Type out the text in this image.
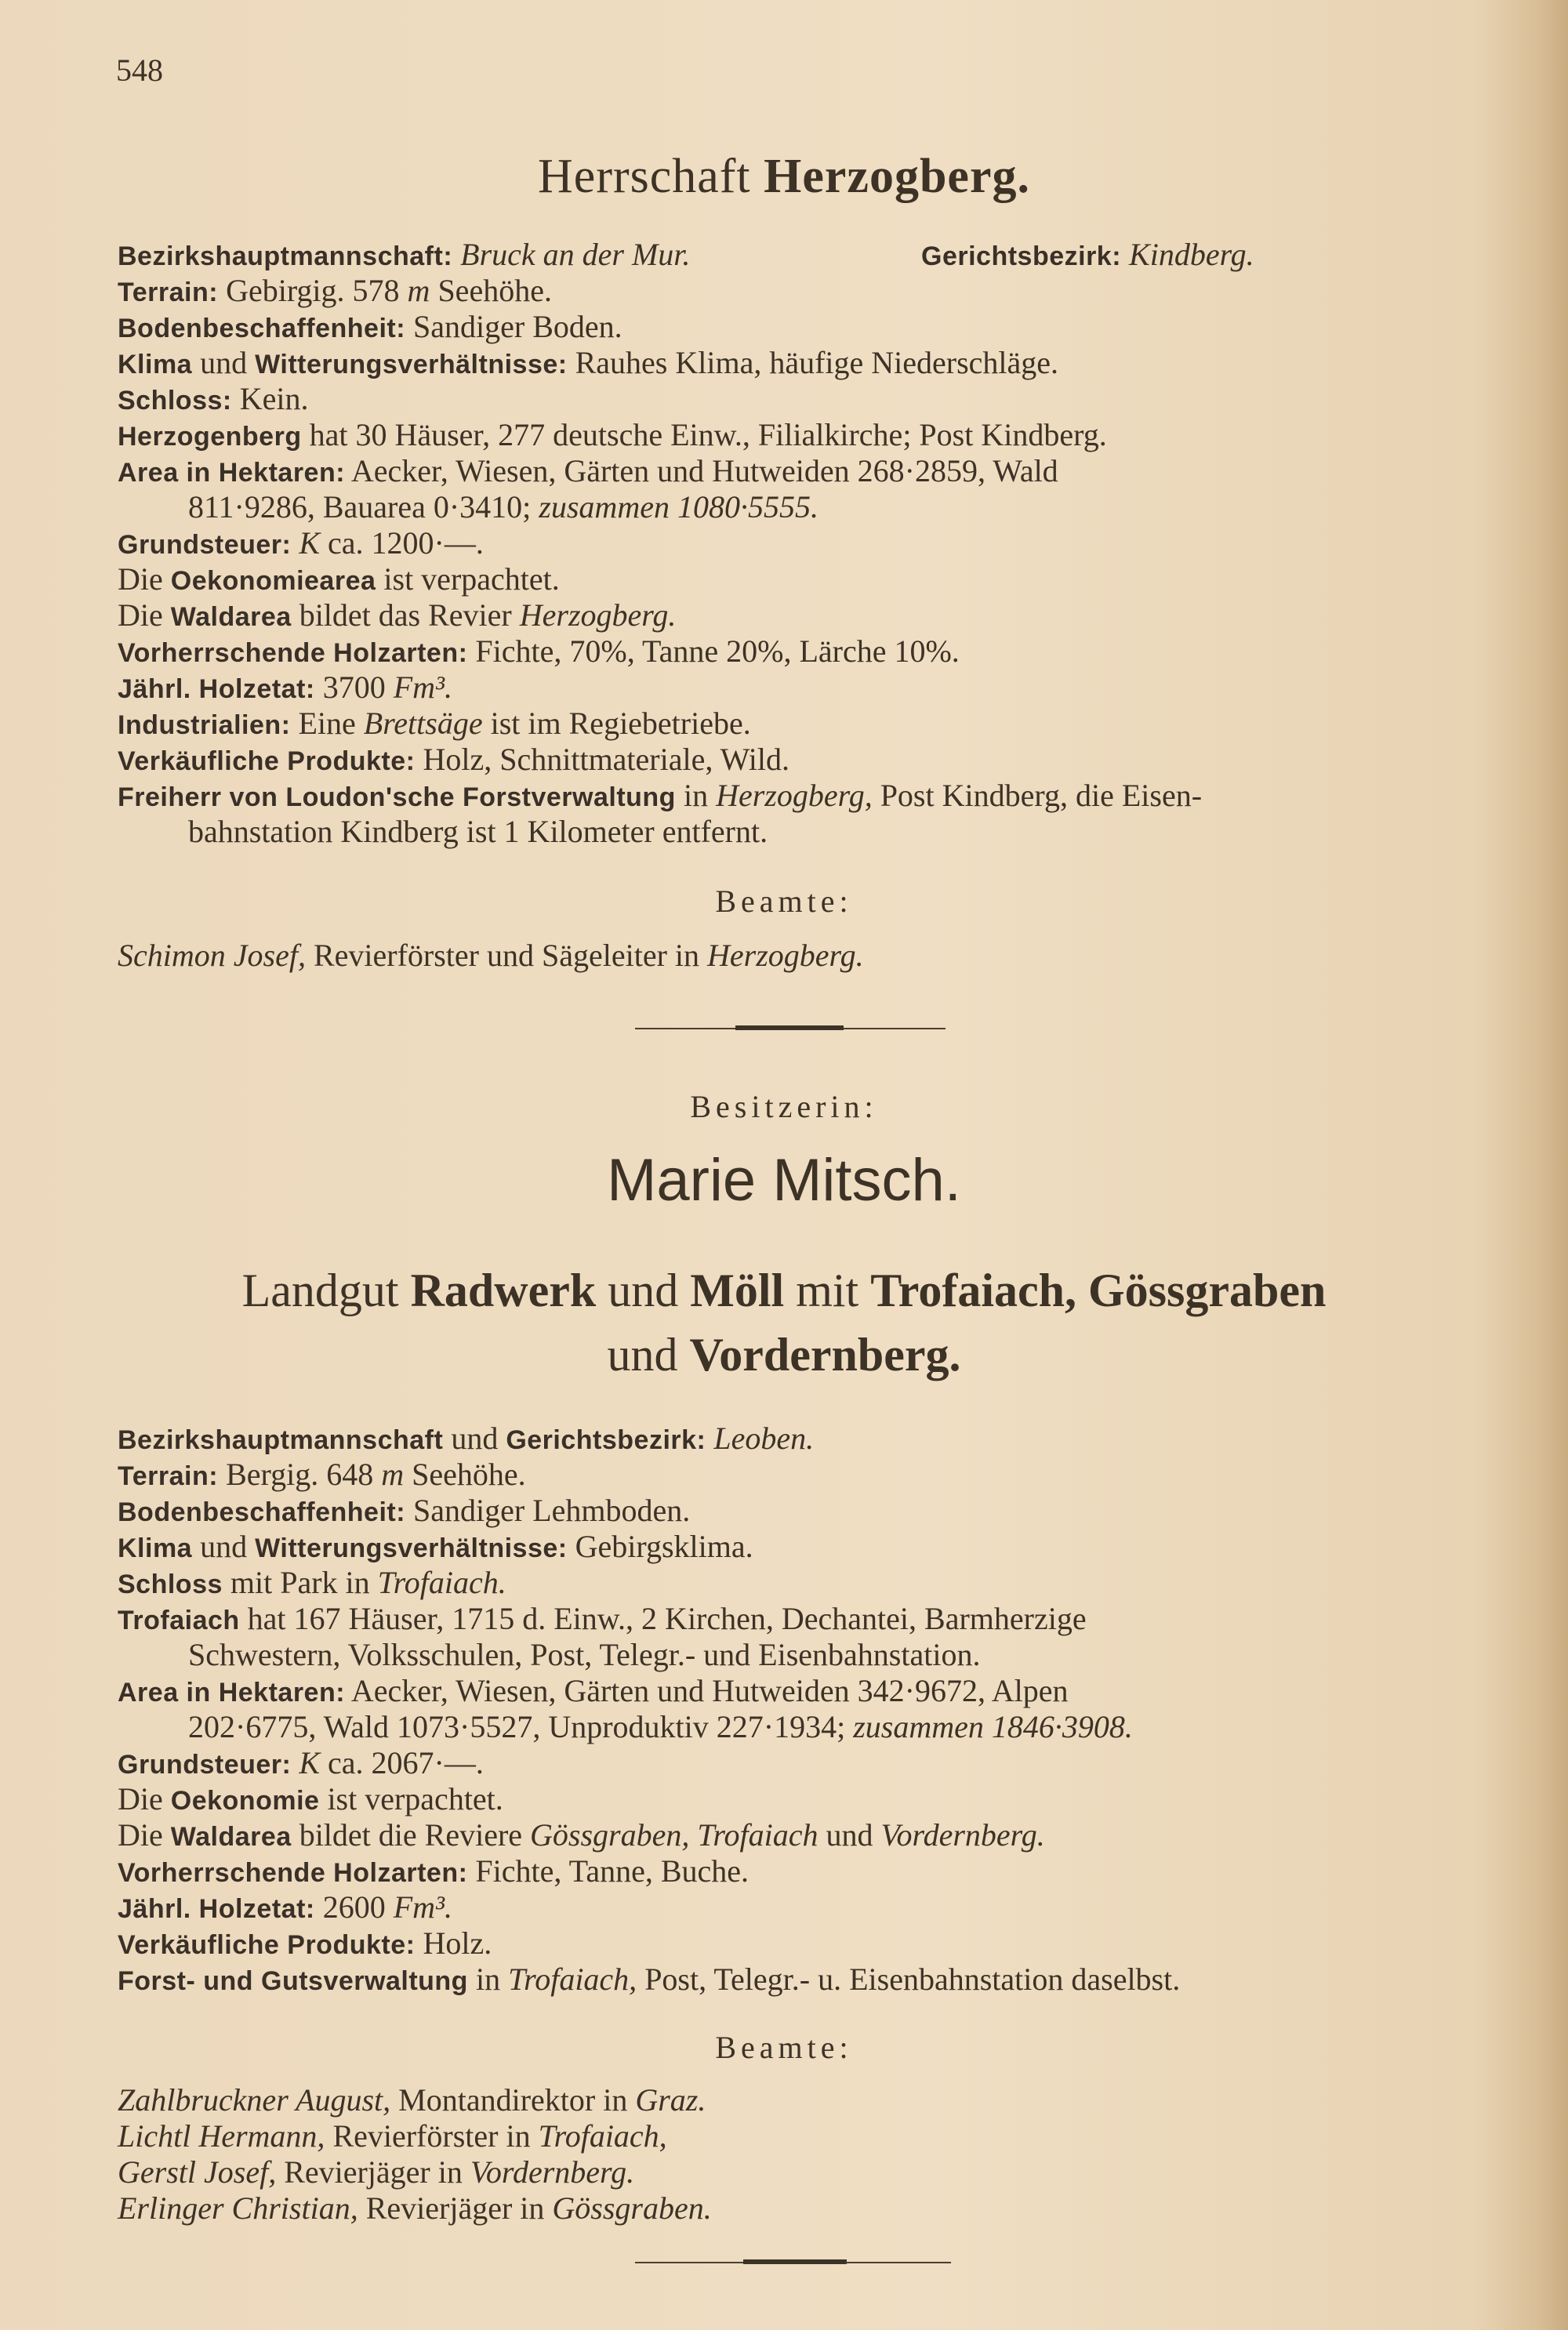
548
Herrschaft Herzogberg.
Bezirkshauptmannschaft: Bruck an der Mur.	Gerichtsbezirk: Kindberg.
Terrain: Gebirgig. 578 m Seehöhe.
Bodenbeschaffenheit: Sandiger Boden.
Klima und Witterungsverhältnisse: Rauhes Klima, häufige Niederschläge.
Schloss: Kein.
Herzogenberg hat 30 Häuser, 277 deutsche Einw., Filialkirche; Post Kindberg.
Area in Hektaren: Aecker, Wiesen, Gärten und Hutweiden 268·2859, Wald
811·9286, Bauarea 0·3410; zusammen 1080·5555.
Grundsteuer: K ca. 1200·—.
Die Oekonomiearea ist verpachtet.
Die Waldarea bildet das Revier Herzogberg.
Vorherrschende Holzarten: Fichte, 70%, Tanne 20%, Lärche 10%.
Jährl. Holzetat: 3700 Fm³.
Industrialien: Eine Brettsäge ist im Regiebetriebe.
Verkäufliche Produkte: Holz, Schnittmateriale, Wild.
Freiherr von Loudon'sche Forstverwaltung in Herzogberg, Post Kindberg, die Eisen-
bahnstation Kindberg ist 1 Kilometer entfernt.
Beamte:
Schimon Josef, Revierförster und Sägeleiter in Herzogberg.
Besitzerin:
Marie Mitsch.
Landgut Radwerk und Möll mit Trofaiach, Gössgraben
und Vordernberg.
Bezirkshauptmannschaft und Gerichtsbezirk: Leoben.
Terrain: Bergig. 648 m Seehöhe.
Bodenbeschaffenheit: Sandiger Lehmboden.
Klima und Witterungsverhältnisse: Gebirgsklima.
Schloss mit Park in Trofaiach.
Trofaiach hat 167 Häuser, 1715 d. Einw., 2 Kirchen, Dechantei, Barmherzige
Schwestern, Volksschulen, Post, Telegr.- und Eisenbahnstation.
Area in Hektaren: Aecker, Wiesen, Gärten und Hutweiden 342·9672, Alpen
202·6775, Wald 1073·5527, Unproduktiv 227·1934; zusammen 1846·3908.
Grundsteuer: K ca. 2067·—.
Die Oekonomie ist verpachtet.
Die Waldarea bildet die Reviere Gössgraben, Trofaiach und Vordernberg.
Vorherrschende Holzarten: Fichte, Tanne, Buche.
Jährl. Holzetat: 2600 Fm³.
Verkäufliche Produkte: Holz.
Forst- und Gutsverwaltung in Trofaiach, Post, Telegr.- u. Eisenbahnstation daselbst.
Beamte:
Zahlbruckner August, Montandirektor in Graz.
Lichtl Hermann, Revierförster in Trofaiach,
Gerstl Josef, Revierjäger in Vordernberg.
Erlinger Christian, Revierjäger in Gössgraben.
